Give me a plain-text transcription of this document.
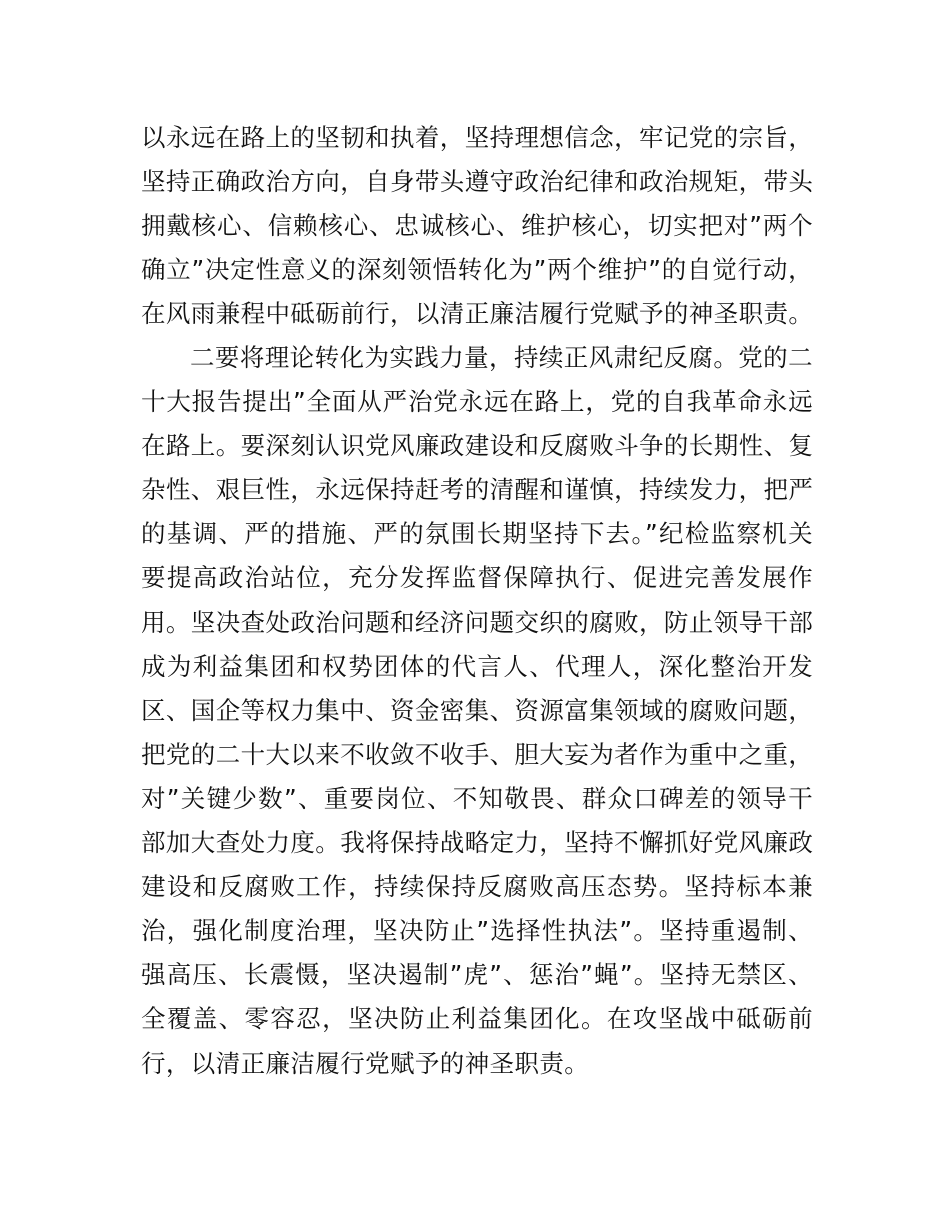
以永远在路上的坚韧和执着，坚持理想信念，牢记党的宗旨，
坚持正确政治方向，自身带头遵守政治纪律和政治规矩，带头
拥戴核心、信赖核心、忠诚核心、维护核心，切实把对”两个
确立”决定性意义的深刻领悟转化为”两个维护”的自觉行动，
在风雨兼程中砥砺前行，以清正廉洁履行党赋予的神圣职责。
二要将理论转化为实践力量，持续正风肃纪反腐。党的二
十大报告提出”全面从严治党永远在路上，党的自我革命永远
在路上。要深刻认识党风廉政建设和反腐败斗争的长期性、复
杂性、艰巨性，永远保持赶考的清醒和谨慎，持续发力，把严
的基调、严的措施、严的氛围长期坚持下去。”纪检监察机关
要提高政治站位，充分发挥监督保障执行、促进完善发展作
用。坚决查处政治问题和经济问题交织的腐败，防止领导干部
成为利益集团和权势团体的代言人、代理人，深化整治开发
区、国企等权力集中、资金密集、资源富集领域的腐败问题，
把党的二十大以来不收敛不收手、胆大妄为者作为重中之重，
对”关键少数”、重要岗位、不知敬畏、群众口碑差的领导干
部加大查处力度。我将保持战略定力，坚持不懈抓好党风廉政
建设和反腐败工作，持续保持反腐败高压态势。坚持标本兼
治，强化制度治理，坚决防止”选择性执法”。坚持重遏制、
强高压、长震慑，坚决遏制”虎”、惩治”蝇”。坚持无禁区、
全覆盖、零容忍，坚决防止利益集团化。在攻坚战中砥砺前
行，以清正廉洁履行党赋予的神圣职责。
